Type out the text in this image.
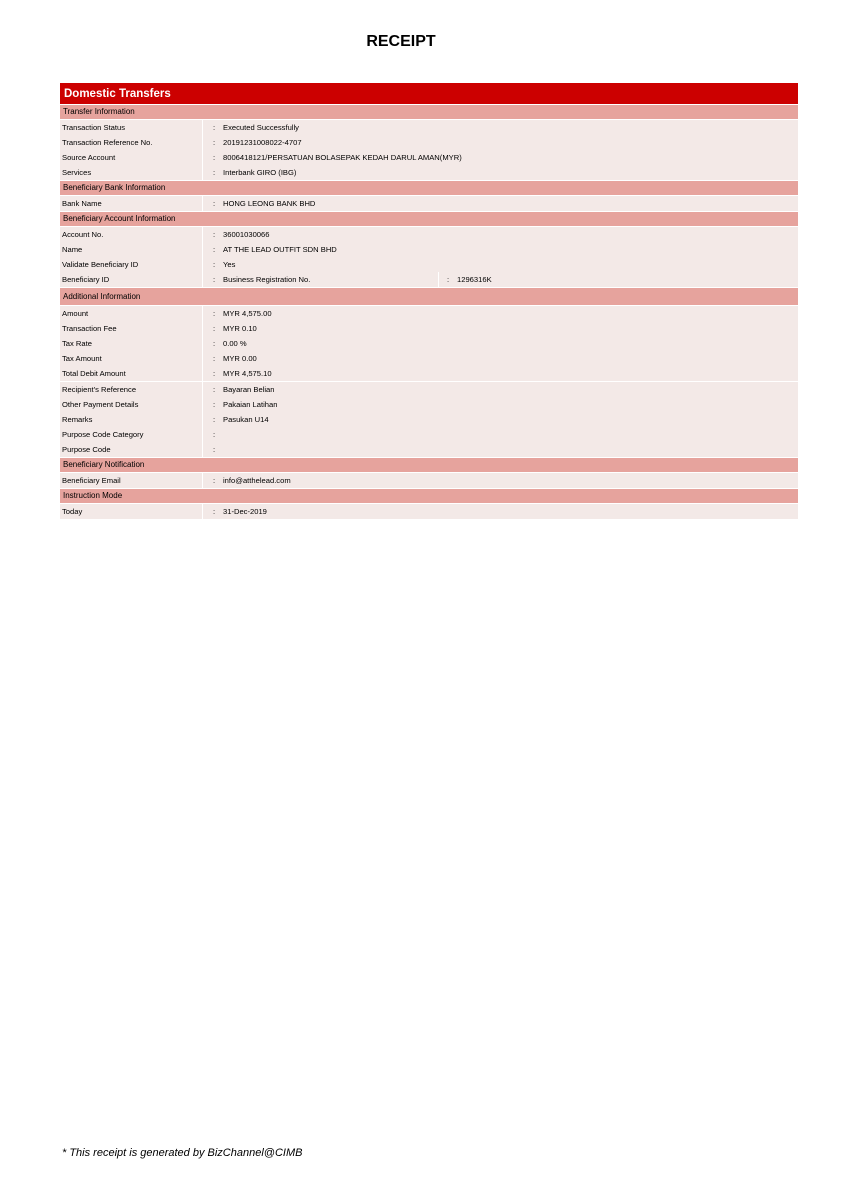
RECEIPT
Domestic Transfers
Transfer Information
Transaction Status	:	Executed Successfully
Transaction Reference No.	:	20191231008022-4707
Source Account	:	8006418121/PERSATUAN BOLASEPAK KEDAH DARUL AMAN(MYR)
Services	:	Interbank GIRO (IBG)
Beneficiary Bank Information
Bank Name	:	HONG LEONG BANK BHD
Beneficiary Account Information
Account No.	:	36001030066
Name	:	AT THE LEAD OUTFIT SDN BHD
Validate Beneficiary ID	:	Yes
Beneficiary ID	:	Business Registration No.	:	1296316K
Additional Information
Amount	:	MYR 4,575.00
Transaction Fee	:	MYR 0.10
Tax Rate	:	0.00 %
Tax Amount	:	MYR 0.00
Total Debit Amount	:	MYR 4,575.10
Recipient's Reference	:	Bayaran Belian
Other Payment Details	:	Pakaian Latihan
Remarks	:	Pasukan U14
Purpose Code Category	:
Purpose Code	:
Beneficiary Notification
Beneficiary Email	:	info@atthelead.com
Instruction Mode
Today	:	31-Dec-2019
* This receipt is generated by BizChannel@CIMB
